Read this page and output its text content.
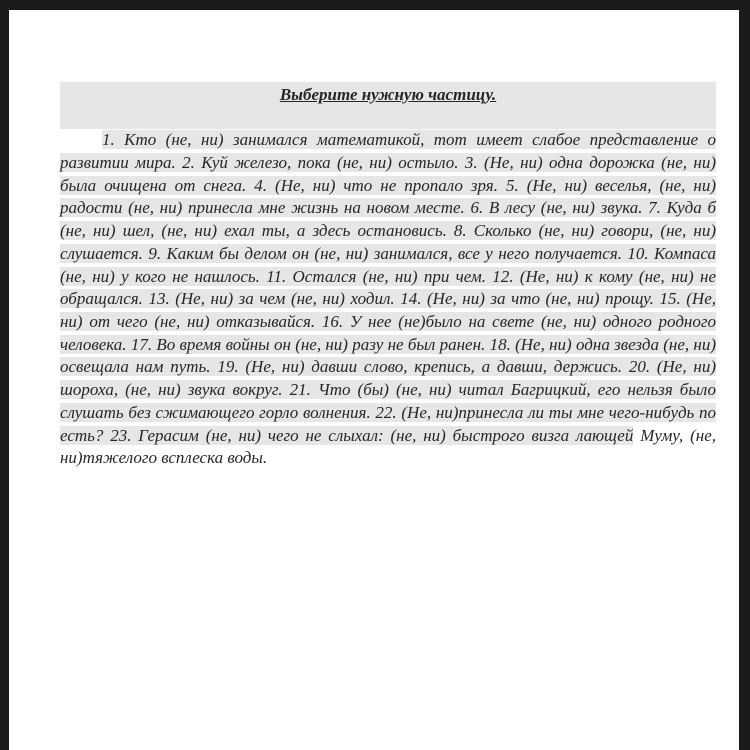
Выберите нужную частицу.

1. Кто (не, ни) занимался математикой, тот имеет слабое представление о развитии мира. 2. Куй железо, пока (не, ни) остыло. 3. (Не, ни) одна дорожка (не, ни) была очищена от снега. 4. (Не, ни) что не пропало зря. 5. (Не, ни) веселья, (не, ни) радости (не, ни) принесла мне жизнь на новом месте. 6. В лесу (не, ни) звука. 7. Куда б (не, ни) шел, (не, ни) ехал ты, а здесь остановись. 8. Сколько (не, ни) говори, (не, ни) слушается. 9. Каким бы делом он (не, ни) занимался, все у него получается. 10. Компаса (не, ни) у кого не нашлось. 11. Остался (не, ни) при чем. 12. (Не, ни) к кому (не, ни) не обращался. 13. (Не, ни) за чем (не, ни) ходил. 14. (Не, ни) за что (не, ни) прощу. 15. (Не, ни) от чего (не, ни) отказывайся. 16. У нее (не)было на свете (не, ни) одного родного человека. 17. Во время войны он (не, ни) разу не был ранен. 18. (Не, ни) одна звезда (не, ни) освещала нам путь. 19. (Не, ни) давши слово, крепись, а давши, держись. 20. (Не, ни) шороха, (не, ни) звука вокруг. 21. Что (бы) (не, ни) читал Багрицкий, его нельзя было слушать без сжимающего горло волнения. 22. (Не, ни)принесла ли ты мне чего-нибудь по есть? 23. Герасим (не, ни) чего не слыхал: (не, ни) быстрого визга лающей Муму, (не, ни)тяжелого всплеска воды.
